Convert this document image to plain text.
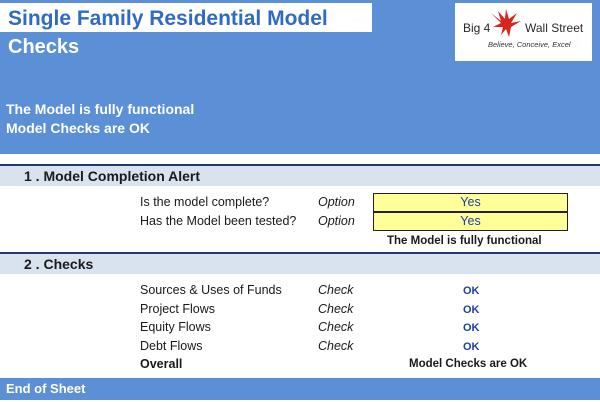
Single Family Residential Model
Checks
The Model is fully functional
Model Checks are OK
Big 4	Wall Street
Believe, Conceive, Excel
1 . Model Completion Alert
Is the model complete?	Option	Yes
Has the Model been tested? Option	Yes
The Model is fully functional
2 . Checks
Sources & Uses of Funds	Check	OK
Project Flows	Check	OK
Equity Flows	Check	OK
Debt Flows	Check	OK
Overall	Model Checks are OK
End of Sheet
